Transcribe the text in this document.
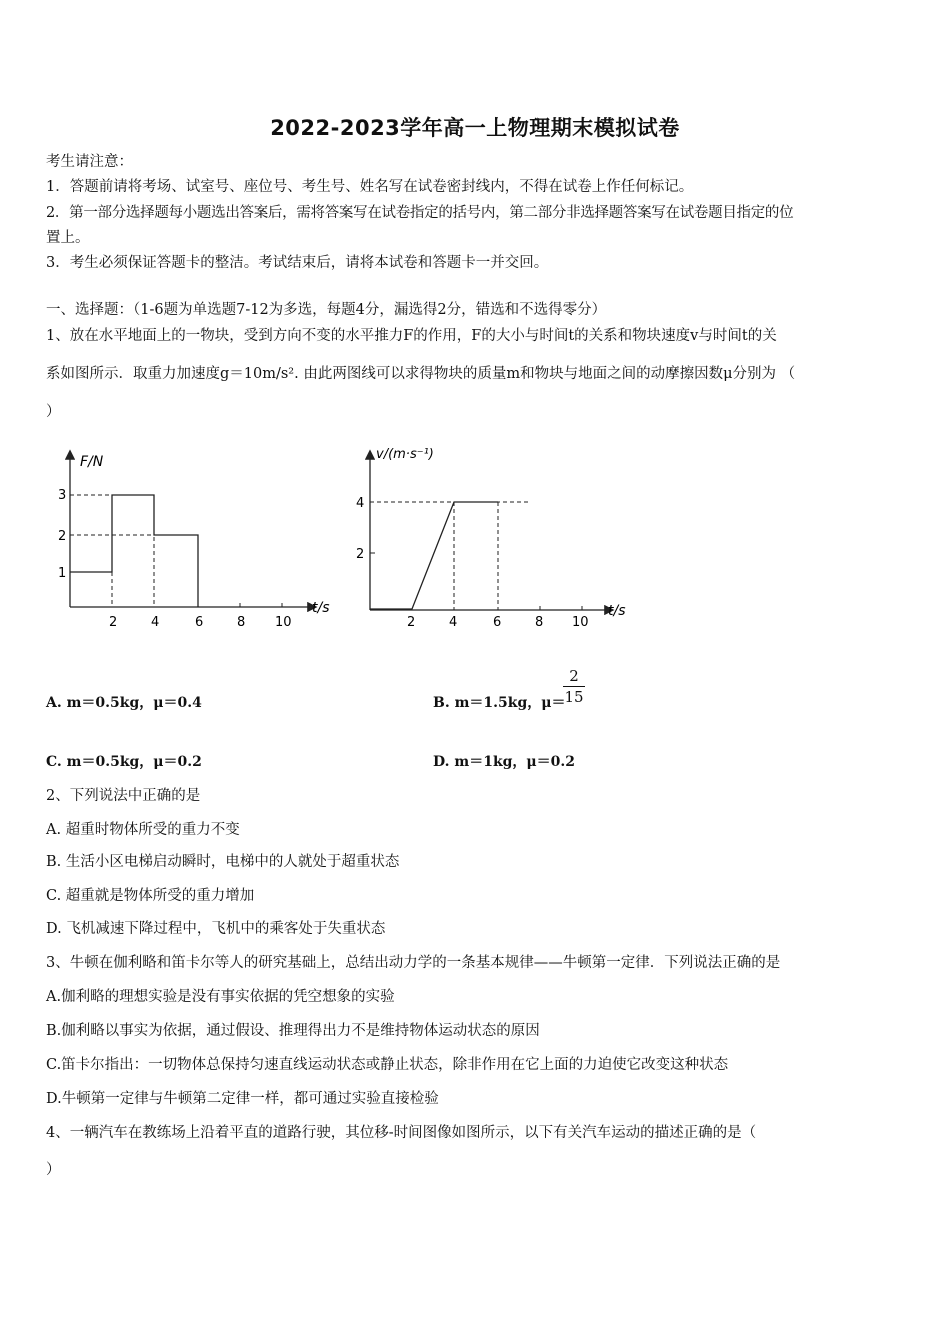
2022-2023学年高一上物理期末模拟试卷
考生请注意：
1．答题前请将考场、试室号、座位号、考生号、姓名写在试卷密封线内，不得在试卷上作任何标记。
2．第一部分选择题每小题选出答案后，需将答案写在试卷指定的括号内，第二部分非选择题答案写在试卷题目指定的位
置上。
3．考生必须保证答题卡的整洁。考试结束后，请将本试卷和答题卡一并交回。
一、选择题：（1-6题为单选题7-12为多选，每题4分，漏选得2分，错选和不选得零分）
1、放在水平地面上的一物块，受到方向不变的水平推力F的作用，F的大小与时间t的关系和物块速度v与时间t的关
系如图所示．取重力加速度g＝10m/s². 由此两图线可以求得物块的质量m和物块与地面之间的动摩擦因数μ分别为 （
）
F/N
t/s
1
2
3
2	4	6	8 10
v/(m·s⁻¹)
t/s
2
4
2	4	6	8 10
A. m＝0.5kg，μ＝0.4	B. m＝1.5kg，μ＝
$\frac{2}{15}$
C. m＝0.5kg，μ＝0.2	D. m＝1kg，μ＝0.2
2、下列说法中正确的是
A. 超重时物体所受的重力不变
B. 生活小区电梯启动瞬时，电梯中的人就处于超重状态
C. 超重就是物体所受的重力增加
D. 飞机减速下降过程中，飞机中的乘客处于失重状态
3、牛顿在伽利略和笛卡尔等人的研究基础上，总结出动力学的一条基本规律——牛顿第一定律．下列说法正确的是
A.伽利略的理想实验是没有事实依据的凭空想象的实验
B.伽利略以事实为依据，通过假设、推理得出力不是维持物体运动状态的原因
C.笛卡尔指出：一切物体总保持匀速直线运动状态或静止状态，除非作用在它上面的力迫使它改变这种状态
D.牛顿第一定律与牛顿第二定律一样，都可通过实验直接检验
4、一辆汽车在教练场上沿着平直的道路行驶，其位移-时间图像如图所示，以下有关汽车运动的描述正确的是（
）
